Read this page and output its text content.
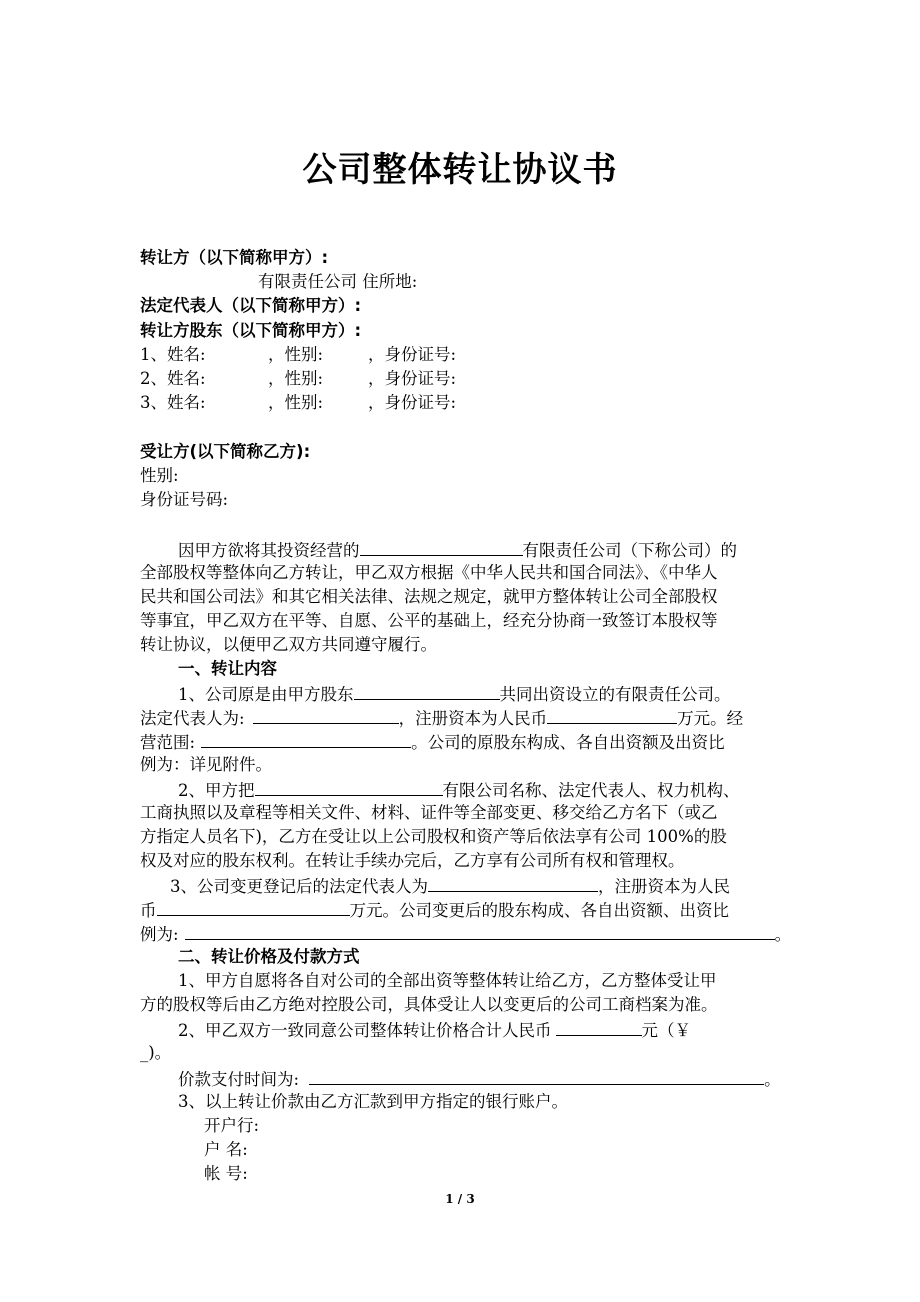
公司整体转让协议书
转让方（以下简称甲方）:
有限责任公司 住所地:
法定代表人（以下简称甲方）:
转让方股东（以下简称甲方）:
1、姓名:	，性别:	，身份证号:
2、姓名:	，性别:	，身份证号:
3、姓名:	，性别:	，身份证号:
受让方(以下简称乙方):
性别:
身份证号码:
因甲方欲将其投资经营的	有限责任公司（下称公司）的
全部股权等整体向乙方转让，甲乙双方根据《中华人民共和国合同法》、《中华人
民共和国公司法》和其它相关法律、法规之规定，就甲方整体转让公司全部股权
等事宜，甲乙双方在平等、自愿、公平的基础上，经充分协商一致签订本股权等
转让协议，以便甲乙双方共同遵守履行。
一、转让内容
1、公司原是由甲方股东	共同出资设立的有限责任公司。
法定代表人为:	，注册资本为人民币	万元。经
营范围:	。公司的原股东构成、各自出资额及出资比
例为：详见附件。
2、甲方把	有限公司名称、法定代表人、权力机构、
工商执照以及章程等相关文件、材料、证件等全部变更、移交给乙方名下（或乙
方指定人员名下)，乙方在受让以上公司股权和资产等后依法享有公司 100%的股
权及对应的股东权利。在转让手续办完后，乙方享有公司所有权和管理权。
3、公司变更登记后的法定代表人为	，注册资本为人民
币	万元。公司变更后的股东构成、各自出资额、出资比
例为:	。
二、转让价格及付款方式
1、甲方自愿将各自对公司的全部出资等整体转让给乙方，乙方整体受让甲
方的股权等后由乙方绝对控股公司，具体受让人以变更后的公司工商档案为准。
2、甲乙双方一致同意公司整体转让价格合计人民币	元（￥
_)。
价款支付时间为:	。
3、以上转让价款由乙方汇款到甲方指定的银行账户。
开户行:
户 名:
帐 号:
1 / 3
